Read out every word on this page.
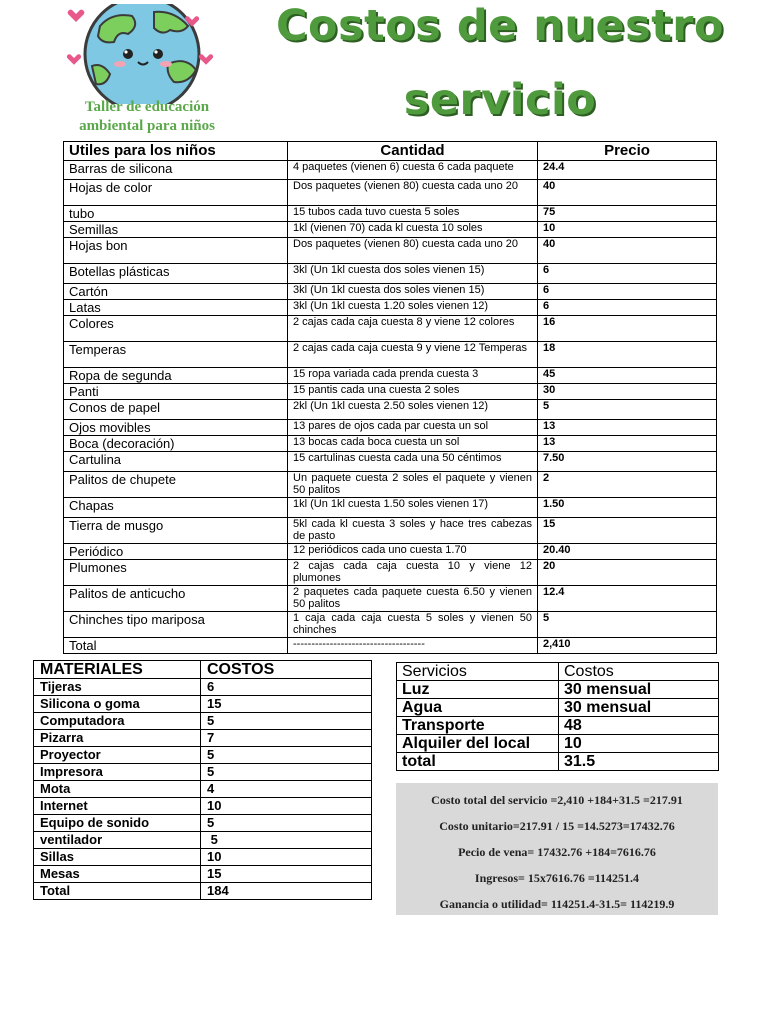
Taller de educación
ambiental para niños
Costos de nuestro
servicio
Utiles para los niños	Cantidad	Precio
Barras de silicona	4 paquetes (vienen 6) cuesta 6 cada paquete	24.4
Hojas de color	Dos paquetes (vienen 80) cuesta cada uno 20	40
tubo	15 tubos cada tuvo cuesta 5 soles	75
Semillas	1kl (vienen 70) cada kl cuesta 10 soles	10
Hojas bon	Dos paquetes (vienen 80) cuesta cada uno 20	40
Botellas plásticas	3kl (Un 1kl cuesta dos soles vienen 15)	6
Cartón	3kl (Un 1kl cuesta dos soles vienen 15)	6
Latas	3kl (Un 1kl cuesta 1.20 soles vienen 12)	6
Colores	2 cajas cada caja cuesta 8 y viene 12 colores	16
Temperas	2 cajas cada caja cuesta 9 y viene 12 Temperas	18
Ropa de segunda	15 ropa variada cada prenda cuesta 3	45
Panti	15 pantis cada una cuesta 2 soles	30
Conos de papel	2kl (Un 1kl cuesta 2.50 soles vienen 12)	5
Ojos movibles	13 pares de ojos cada par cuesta un sol	13
Boca (decoración)	13 bocas cada boca cuesta un sol	13
Cartulina	15 cartulinas cuesta cada una 50 céntimos	7.50
Palitos de chupete	Un paquete cuesta 2 soles el paquete y vienen 50 palitos	2
Chapas	1kl (Un 1kl cuesta 1.50 soles vienen 17)	1.50
Tierra de musgo	5kl cada kl cuesta 3 soles y hace tres cabezas de pasto	15
Periódico	12 periódicos cada uno cuesta 1.70	20.40
Plumones	2 cajas cada caja cuesta 10 y viene 12 plumones	20
Palitos de anticucho	2 paquetes cada paquete cuesta 6.50 y vienen 50 palitos	12.4
Chinches tipo mariposa	1 caja cada caja cuesta 5 soles y vienen 50 chinches	5
Total	------------------------------------	2,410
MATERIALES	COSTOS
Tijeras	6
Silicona o goma	15
Computadora	5
Pizarra	7
Proyector	5
Impresora	5
Mota	4
Internet	10
Equipo de sonido	5
ventilador	5
Sillas	10
Mesas	15
Total	184
Servicios	Costos
Luz	30 mensual
Agua	30 mensual
Transporte	48
Alquiler del local	10
total	31.5
Costo total del servicio =2,410 +184+31.5 =217.91
Costo unitario=217.91 / 15 =14.5273=17432.76
Pecio de vena= 17432.76 +184=7616.76
Ingresos= 15x7616.76 =114251.4
Ganancia o utilidad= 114251.4-31.5= 114219.9
